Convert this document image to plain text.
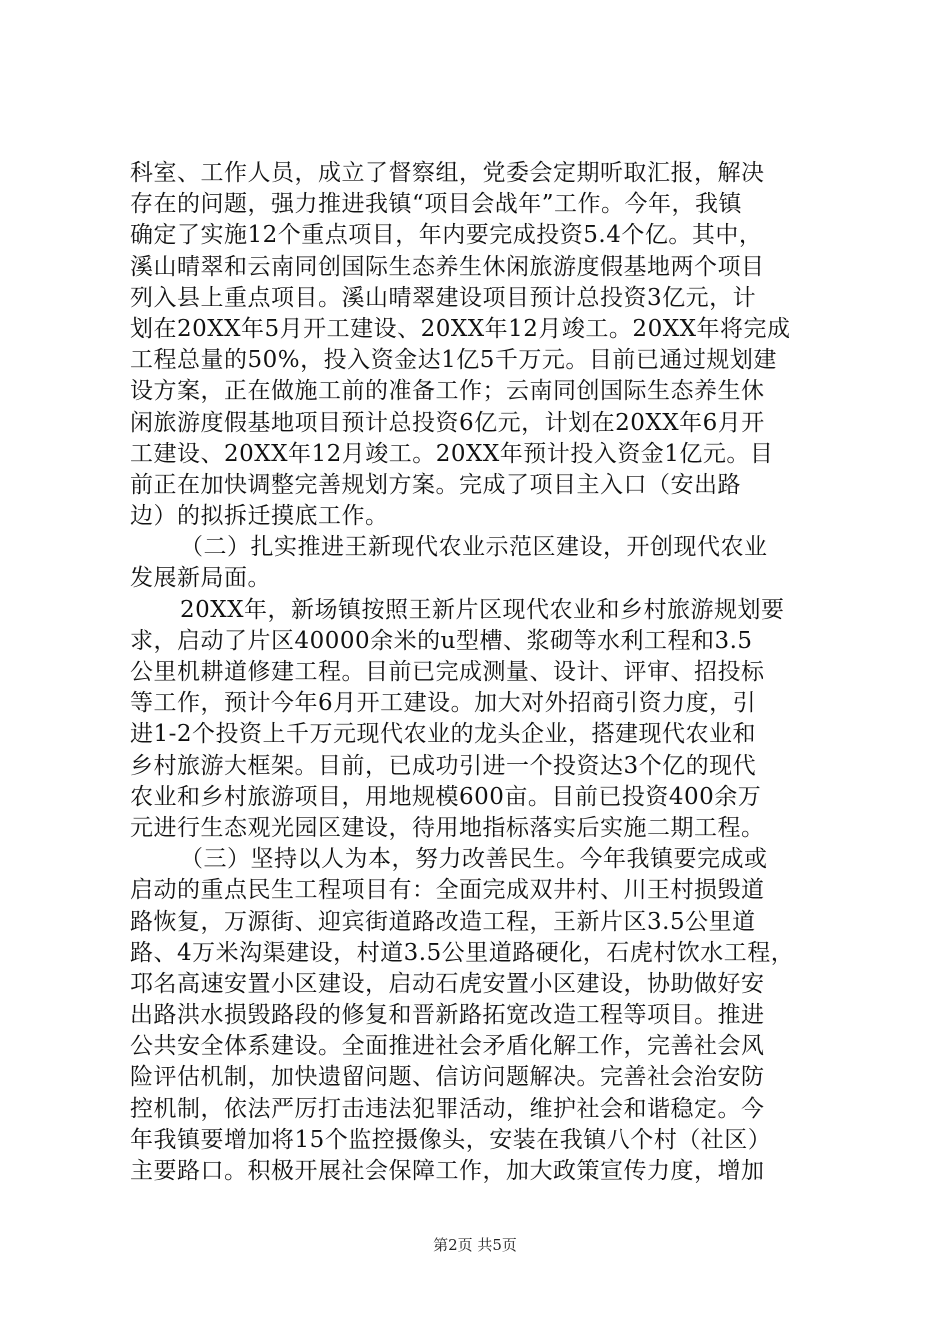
科室、工作人员，成立了督察组，党委会定期听取汇报，解决
存在的问题，强力推进我镇“项目会战年”工作。今年，我镇
确定了实施12个重点项目，年内要完成投资5.4个亿。其中，
溪山晴翠和云南同创国际生态养生休闲旅游度假基地两个项目
列入县上重点项目。溪山晴翠建设项目预计总投资3亿元，计
划在20XX年5月开工建设、20XX年12月竣工。20XX年将完成
工程总量的50%，投入资金达1亿5千万元。目前已通过规划建
设方案，正在做施工前的准备工作；云南同创国际生态养生休
闲旅游度假基地项目预计总投资6亿元，计划在20XX年6月开
工建设、20XX年12月竣工。20XX年预计投入资金1亿元。目
前正在加快调整完善规划方案。完成了项目主入口（安出路
边）的拟拆迁摸底工作。
（二）扎实推进王新现代农业示范区建设，开创现代农业
发展新局面。
20XX年，新场镇按照王新片区现代农业和乡村旅游规划要
求，启动了片区40000余米的u型槽、浆砌等水利工程和3.5
公里机耕道修建工程。目前已完成测量、设计、评审、招投标
等工作，预计今年6月开工建设。加大对外招商引资力度，引
进1-2个投资上千万元现代农业的龙头企业，搭建现代农业和
乡村旅游大框架。目前，已成功引进一个投资达3个亿的现代
农业和乡村旅游项目，用地规模600亩。目前已投资400余万
元进行生态观光园区建设，待用地指标落实后实施二期工程。
（三）坚持以人为本，努力改善民生。今年我镇要完成或
启动的重点民生工程项目有：全面完成双井村、川王村损毁道
路恢复，万源街、迎宾街道路改造工程，王新片区3.5公里道
路、4万米沟渠建设，村道3.5公里道路硬化，石虎村饮水工程，
邛名高速安置小区建设，启动石虎安置小区建设，协助做好安
出路洪水损毁路段的修复和晋新路拓宽改造工程等项目。推进
公共安全体系建设。全面推进社会矛盾化解工作，完善社会风
险评估机制，加快遗留问题、信访问题解决。完善社会治安防
控机制，依法严厉打击违法犯罪活动，维护社会和谐稳定。今
年我镇要增加将15个监控摄像头，安装在我镇八个村（社区）
主要路口。积极开展社会保障工作，加大政策宣传力度，增加
第2页 共5页
